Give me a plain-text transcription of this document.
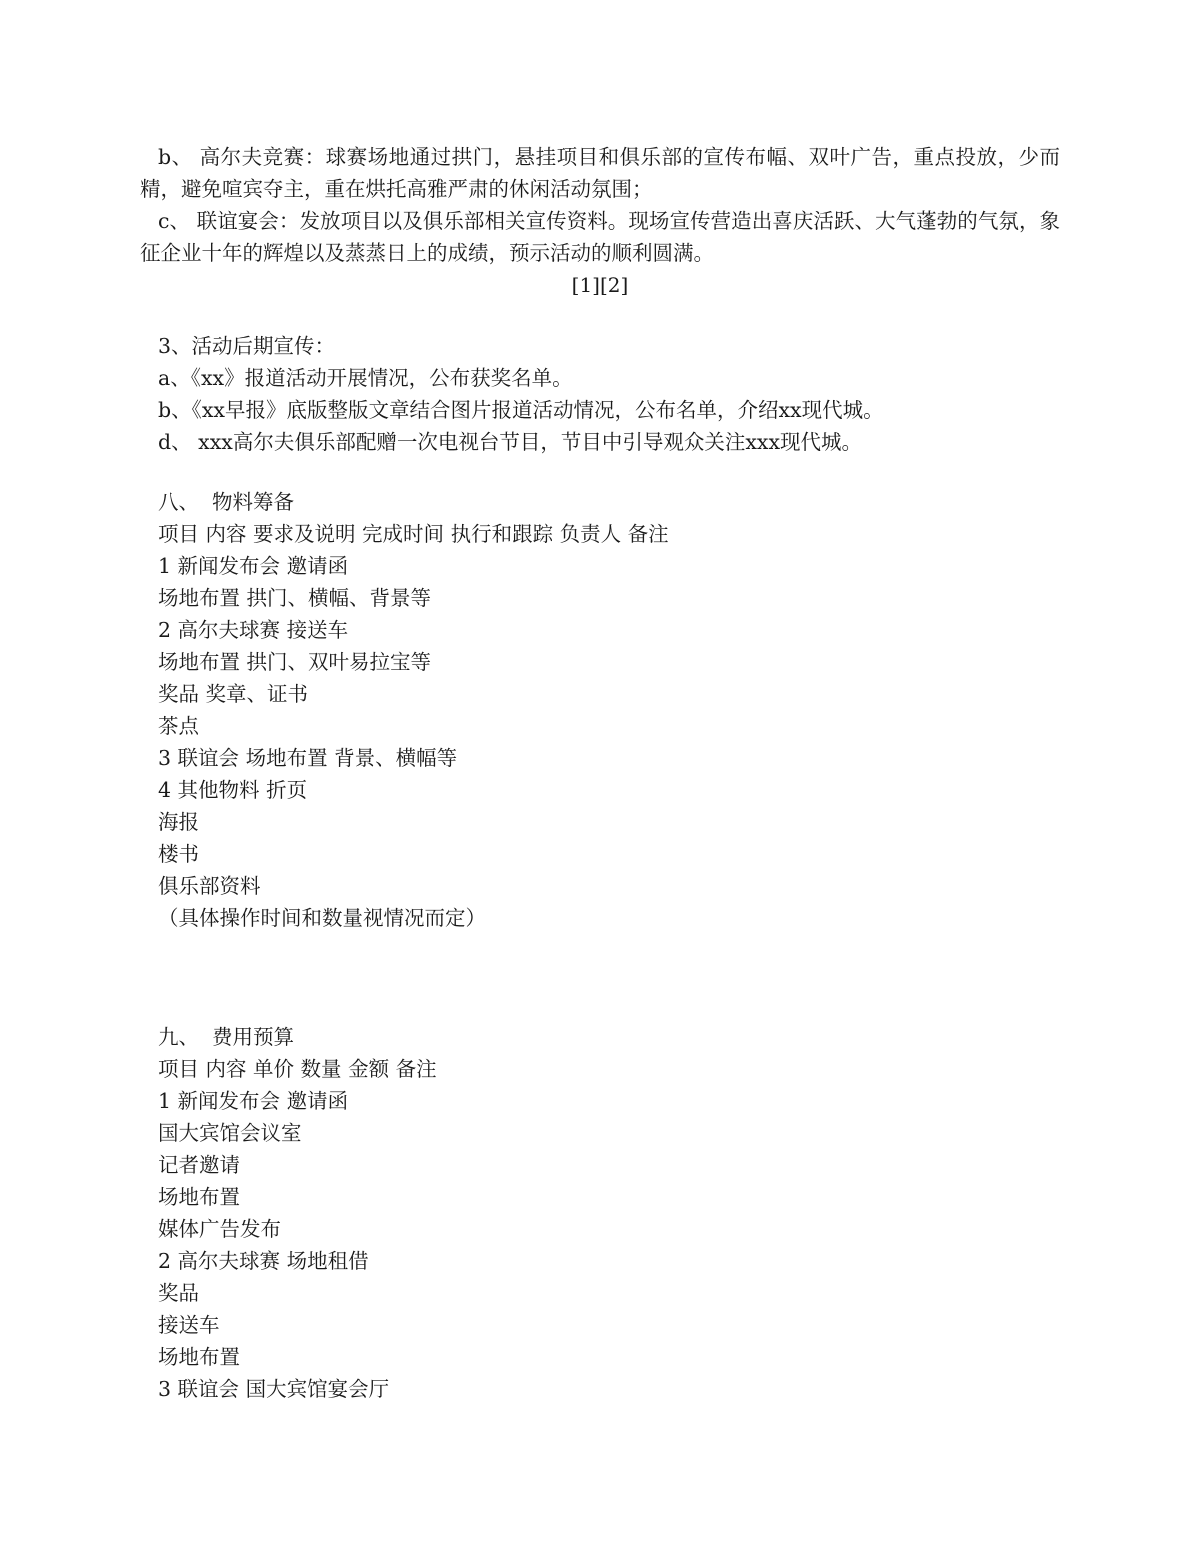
b、 高尔夫竞赛：球赛场地通过拱门，悬挂项目和俱乐部的宣传布幅、双叶广告，重点投放，少而精，避免喧宾夺主，重在烘托高雅严肃的休闲活动氛围；

c、 联谊宴会：发放项目以及俱乐部相关宣传资料。现场宣传营造出喜庆活跃、大气蓬勃的气氛，象征企业十年的辉煌以及蒸蒸日上的成绩，预示活动的顺利圆满。

[1][2]

3、活动后期宣传：

a、《xx》报道活动开展情况，公布获奖名单。

b、《xx早报》底版整版文章结合图片报道活动情况，公布名单，介绍xx现代城。

d、 xxx高尔夫俱乐部配赠一次电视台节目，节目中引导观众关注xxx现代城。

八、  物料筹备

项目 内容 要求及说明 完成时间 执行和跟踪 负责人 备注

1 新闻发布会 邀请函

场地布置 拱门、横幅、背景等

2 高尔夫球赛 接送车

场地布置 拱门、双叶易拉宝等

奖品 奖章、证书

茶点

3 联谊会 场地布置 背景、横幅等

4 其他物料 折页

海报

楼书

俱乐部资料

（具体操作时间和数量视情况而定）

九、  费用预算

项目 内容 单价 数量 金额 备注

1 新闻发布会 邀请函

国大宾馆会议室

记者邀请

场地布置

媒体广告发布

2 高尔夫球赛 场地租借

奖品

接送车

场地布置

3 联谊会 国大宾馆宴会厅
